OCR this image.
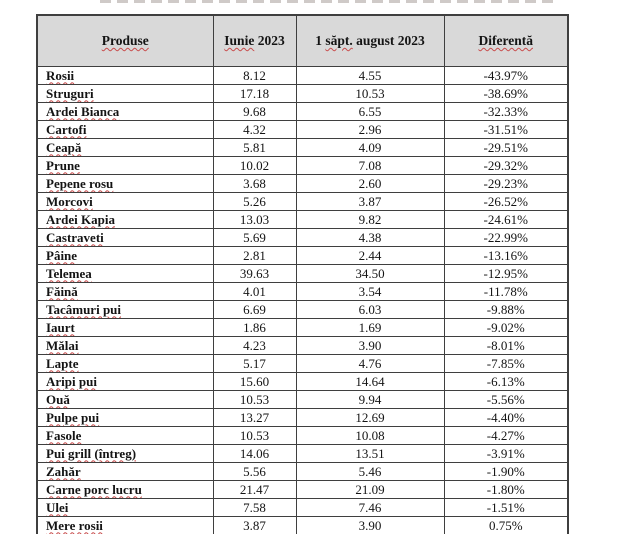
Produse	Iunie 2023	1 săpt. august 2023	Diferentă
Rosii	8.12	4.55	-43.97%
Struguri	17.18	10.53	-38.69%
Ardei Bianca	9.68	6.55	-32.33%
Cartofi	4.32	2.96	-31.51%
Ceapă	5.81	4.09	-29.51%
Prune	10.02	7.08	-29.32%
Pepene rosu	3.68	2.60	-29.23%
Morcovi	5.26	3.87	-26.52%
Ardei Kapia	13.03	9.82	-24.61%
Castraveti	5.69	4.38	-22.99%
Pâine	2.81	2.44	-13.16%
Telemea	39.63	34.50	-12.95%
Făină	4.01	3.54	-11.78%
Tacâmuri pui	6.69	6.03	-9.88%
Iaurt	1.86	1.69	-9.02%
Mălai	4.23	3.90	-8.01%
Lapte	5.17	4.76	-7.85%
Aripi pui	15.60	14.64	-6.13%
Ouă	10.53	9.94	-5.56%
Pulpe pui	13.27	12.69	-4.40%
Fasole	10.53	10.08	-4.27%
Pui grill (întreg)	14.06	13.51	-3.91%
Zahăr	5.56	5.46	-1.90%
Carne porc lucru	21.47	21.09	-1.80%
Ulei	7.58	7.46	-1.51%
Mere rosii	3.87	3.90	0.75%
